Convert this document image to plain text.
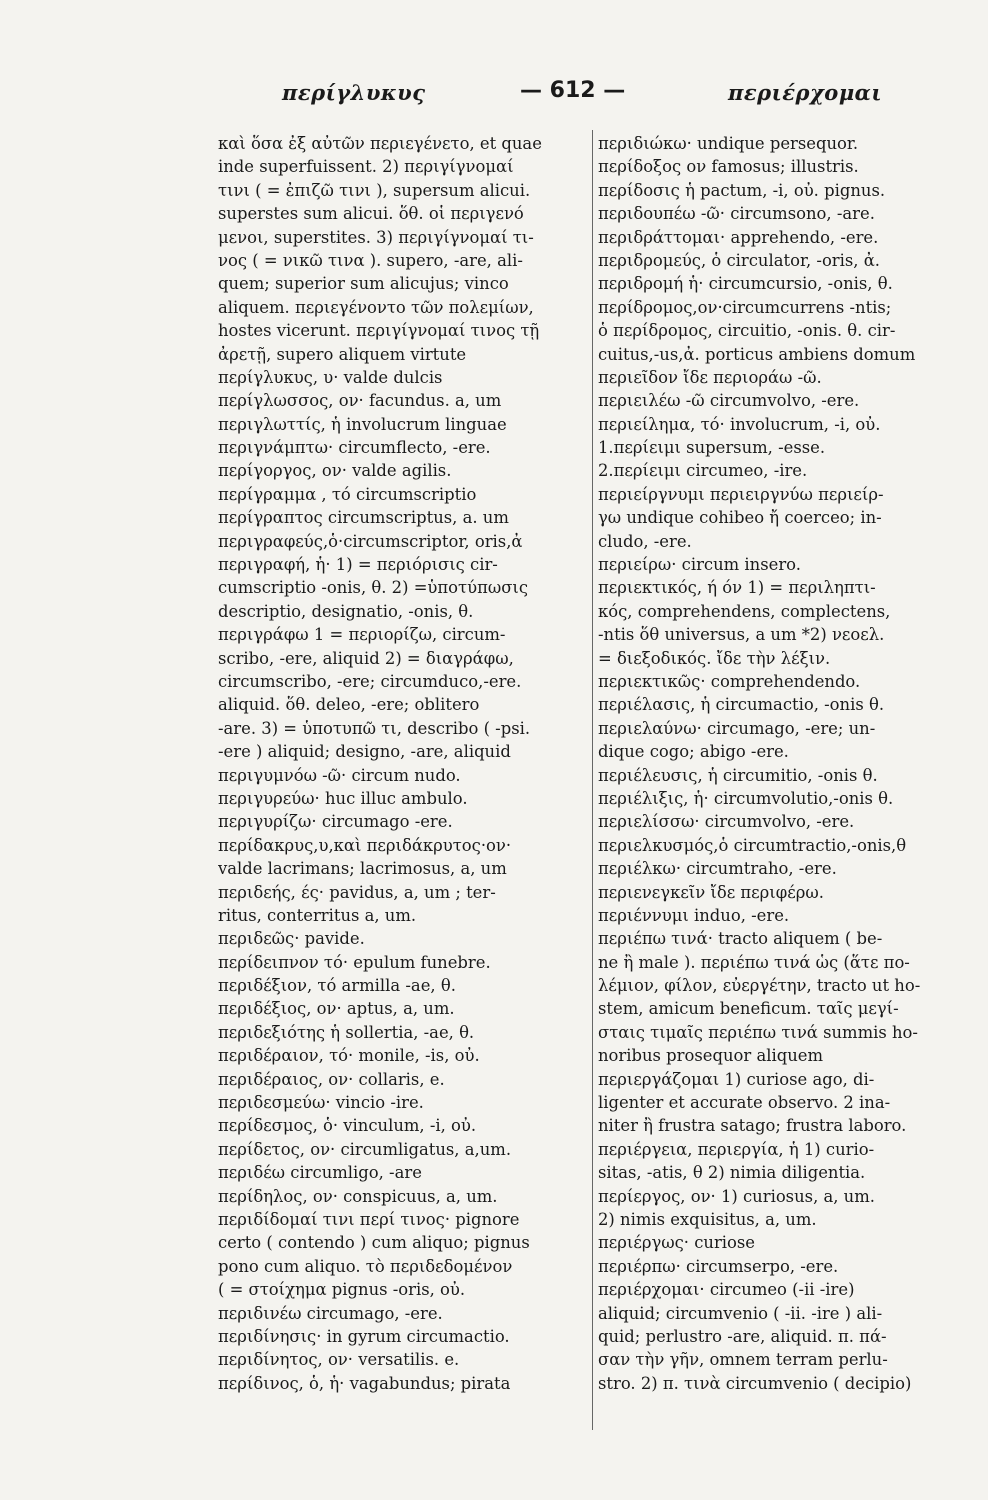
περίγλυκυς	— 612 —	περιέρχομαι
καὶ ὅσα ἐξ αὐτῶν περιεγένετο, et quae
inde superfuissent. 2) περιγίγνομαί
τινι ( = ἐπιζῶ τινι ), supersum alicui.
superstes sum alicui. ὅθ. οἱ περιγενό
μενοι, superstites. 3) περιγίγνομαί τι-
νος ( = νικῶ τινα ). supero, -are, ali-
quem; superior sum alicujus; vinco
aliquem. περιεγένοντο τῶν πολεμίων,
hostes vicerunt. περιγίγνομαί τινος τῇ
ἀρετῇ, supero aliquem virtute
περίγλυκυς, υ· valde dulcis
περίγλωσσος, ον· facundus. a, um
περιγλωττίς, ἡ involucrum linguae
περιγνάμπτω· circumflecto, -ere.
περίγοργος, ον· valde agilis.
περίγραμμα , τό circumscriptio
περίγραπτος circumscriptus, a. um
περιγραφεύς,ὁ·circumscriptor, oris,ἀ
περιγραφή, ἡ· 1) = περιόρισις cir-
cumscriptio -onis, θ. 2) =ὑποτύπωσις
descriptio, designatio, -onis, θ.
περιγράφω 1 = περιορίζω, circum-
scribo, -ere, aliquid 2) = διαγράφω,
circumscribo, -ere; circumduco,-ere.
aliquid. ὅθ. deleo, -ere; oblitero
-are. 3) = ὑποτυπῶ τι, describo ( -psi.
-ere ) aliquid; designo, -are, aliquid
περιγυμνόω -ῶ· circum nudo.
περιγυρεύω· huc illuc ambulo.
περιγυρίζω· circumago -ere.
περίδακρυς,υ,καὶ περιδάκρυτος·ον·
valde lacrimans; lacrimosus, a, um
περιδεής, ές· pavidus, a, um ; ter-
ritus, conterritus a, um.
περιδεῶς· pavide.
περίδειπνον τό· epulum funebre.
περιδέξιον, τό armilla -ae, θ.
περιδέξιος, ον· aptus, a, um.
περιδεξιότης ἡ sollertia, -ae, θ.
περιδέραιον, τό· monile, -is, οὐ.
περιδέραιος, ον· collaris, e.
περιδεσμεύω· vincio -ire.
περίδεσμος, ὁ· vinculum, -i, οὐ.
περίδετος, ον· circumligatus, a,um.
περιδέω circumligo, -are
περίδηλος, ον· conspicuus, a, um.
περιδίδομαί τινι περί τινος· pignore
certo ( contendo ) cum aliquo; pignus
pono cum aliquo. τὸ περιδεδομένον
( = στοίχημα pignus -oris, οὐ.
περιδινέω circumago, -ere.
περιδίνησις· in gyrum circumactio.
περιδίνητος, ον· versatilis. e.
περίδινος, ὁ, ἡ· vagabundus; pirata
περιδιώκω· undique persequor.
περίδοξος ον famosus; illustris.
περίδοσις ἡ pactum, -i, οὐ. pignus.
περιδουπέω -ῶ· circumsono, -are.
περιδράττομαι· apprehendo, -ere.
περιδρομεύς, ὁ circulator, -oris, ἀ.
περιδρομή ἡ· circumcursio, -onis, θ.
περίδρομος,ον·circumcurrens -ntis;
ὁ περίδρομος, circuitio, -onis. θ. cir-
cuitus,-us,ἀ. porticus ambiens domum
περιεῖδον ἴδε περιοράω -ῶ.
περιειλέω -ῶ circumvolvo, -ere.
περιείλημα, τό· involucrum, -i, οὐ.
1.περίειμι supersum, -esse.
2.περίειμι circumeo, -ire.
περιείργνυμι περιειργνύω περιείρ-
γω undique cohibeo ἤ coerceo; in-
cludo, -ere.
περιείρω· circum insero.
περιεκτικός, ή όν 1) = περιληπτι-
κός, comprehendens, complectens,
-ntis ὅθ universus, a um *2) νεοελ.
= διεξοδικός. ἴδε τὴν λέξιν.
περιεκτικῶς· comprehendendo.
περιέλασις, ἡ circumactio, -onis θ.
περιελαύνω· circumago, -ere; un-
dique cogo; abigo -ere.
περιέλευσις, ἡ circumitio, -onis θ.
περιέλιξις, ἡ· circumvolutio,-onis θ.
περιελίσσω· circumvolvo, -ere.
περιελκυσμός,ὁ circumtractio,-onis,θ
περιέλκω· circumtraho, -ere.
περιενεγκεῖν ἴδε περιφέρω.
περιέννυμι induo, -ere.
περιέπω τινά· tracto aliquem ( be-
ne ἢ male ). περιέπω τινά ὡς (ἅτε πο-
λέμιον, φίλον, εὐεργέτην, tracto ut ho-
stem, amicum beneficum. ταῖς μεγί-
σταις τιμαῖς περιέπω τινά summis ho-
noribus prosequor aliquem
περιεργάζομαι 1) curiose ago, di-
ligenter et accurate observo. 2 ina-
niter ἢ frustra satago; frustra laboro.
περιέργεια, περιεργία, ἡ 1) curio-
sitas, -atis, θ 2) nimia diligentia.
περίεργος, ον· 1) curiosus, a, um.
2) nimis exquisitus, a, um.
περιέργως· curiose
περιέρπω· circumserpo, -ere.
περιέρχομαι· circumeo (-ii -ire)
aliquid; circumvenio ( -ii. -ire ) ali-
quid; perlustro -are, aliquid. π. πά-
σαν τὴν γῆν, omnem terram perlu-
stro. 2) π. τινὰ circumvenio ( decipio)
